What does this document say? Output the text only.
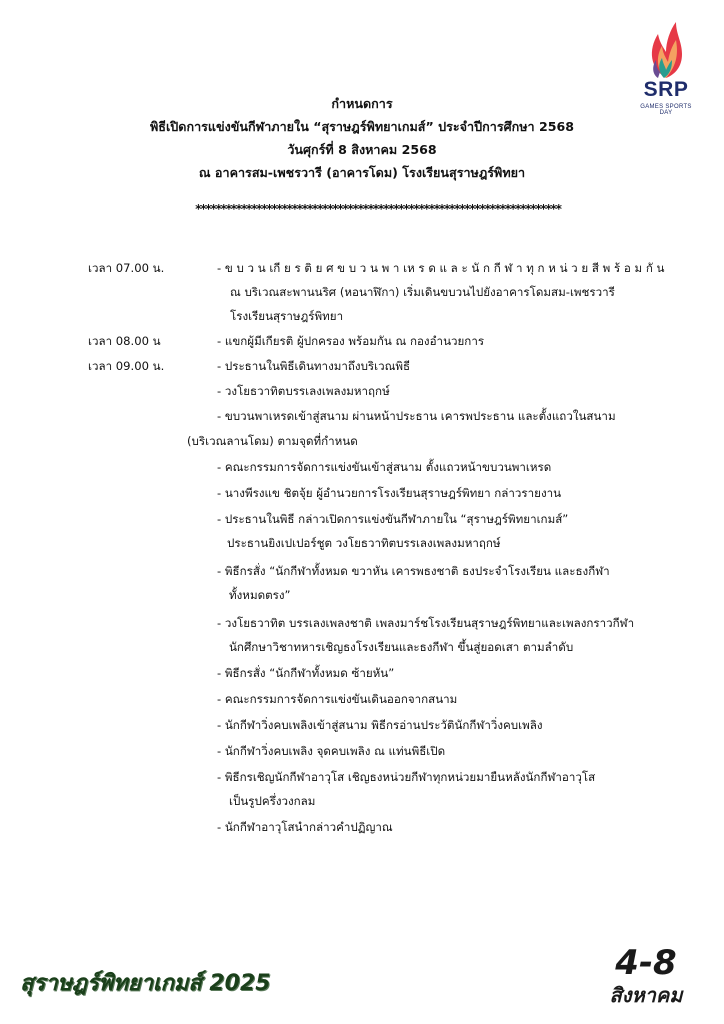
SRP
GAMES SPORTS DAY
กำหนดการ
พิธีเปิดการแข่งขันกีฬาภายใน “สุราษฎร์พิทยาเกมส์” ประจำปีการศึกษา 2568
วันศุกร์ที่ 8 สิงหาคม 2568
ณ อาคารสม-เพชรวารี (อาคารโดม) โรงเรียนสุราษฎร์พิทยา
************************************************************************
เวลา 07.00 น.	- ข บ ว น เกี ย ร ติ ย ศ ข บ ว น พ า เห ร ด แ ล ะ นั ก กี ฬ า ทุ ก ห น่ ว ย สี พ ร้ อ ม กั น
ณ บริเวณสะพานนริศ (หอนาฬิกา) เริ่มเดินขบวนไปยังอาคารโดมสม-เพชรวารี
โรงเรียนสุราษฎร์พิทยา
เวลา 08.00 น	- แขกผู้มีเกียรติ ผู้ปกครอง พร้อมกัน ณ กองอำนวยการ
เวลา 09.00 น.	- ประธานในพิธีเดินทางมาถึงบริเวณพิธี
- วงโยธวาทิตบรรเลงเพลงมหาฤกษ์
- ขบวนพาเหรดเข้าสู่สนาม ผ่านหน้าประธาน เคารพประธาน และตั้งแถวในสนาม
(บริเวณลานโดม) ตามจุดที่กำหนด
- คณะกรรมการจัดการแข่งขันเข้าสู่สนาม ตั้งแถวหน้าขบวนพาเหรด
- นางพีรงแข ชิตจุ้ย ผู้อำนวยการโรงเรียนสุราษฎร์พิทยา กล่าวรายงาน
- ประธานในพิธี กล่าวเปิดการแข่งขันกีฬาภายใน “สุราษฎร์พิทยาเกมส์”
ประธานยิงเปเปอร์ชูต วงโยธวาทิตบรรเลงเพลงมหาฤกษ์
- พิธีกรสั่ง “นักกีฬาทั้งหมด ขวาหัน เคารพธงชาติ ธงประจำโรงเรียน และธงกีฬา
ทั้งหมดตรง”
- วงโยธวาทิต บรรเลงเพลงชาติ เพลงมาร์ชโรงเรียนสุราษฎร์พิทยาและเพลงกราวกีฬา
นักศึกษาวิชาทหารเชิญธงโรงเรียนและธงกีฬา ขึ้นสู่ยอดเสา ตามลำดับ
- พิธีกรสั่ง “นักกีฬาทั้งหมด ซ้ายหัน”
- คณะกรรมการจัดการแข่งขันเดินออกจากสนาม
- นักกีฬาวิ่งคบเพลิงเข้าสู่สนาม พิธีกรอ่านประวัตินักกีฬาวิ่งคบเพลิง
- นักกีฬาวิ่งคบเพลิง จุดคบเพลิง ณ แท่นพิธีเปิด
- พิธีกรเชิญนักกีฬาอาวุโส เชิญธงหน่วยกีฬาทุกหน่วยมายืนหลังนักกีฬาอาวุโส
เป็นรูปครึ่งวงกลม
- นักกีฬาอาวุโสนำกล่าวคำปฏิญาณ
สุราษฎร์พิทยาเกมส์ 2025
4-8
สิงหาคม
